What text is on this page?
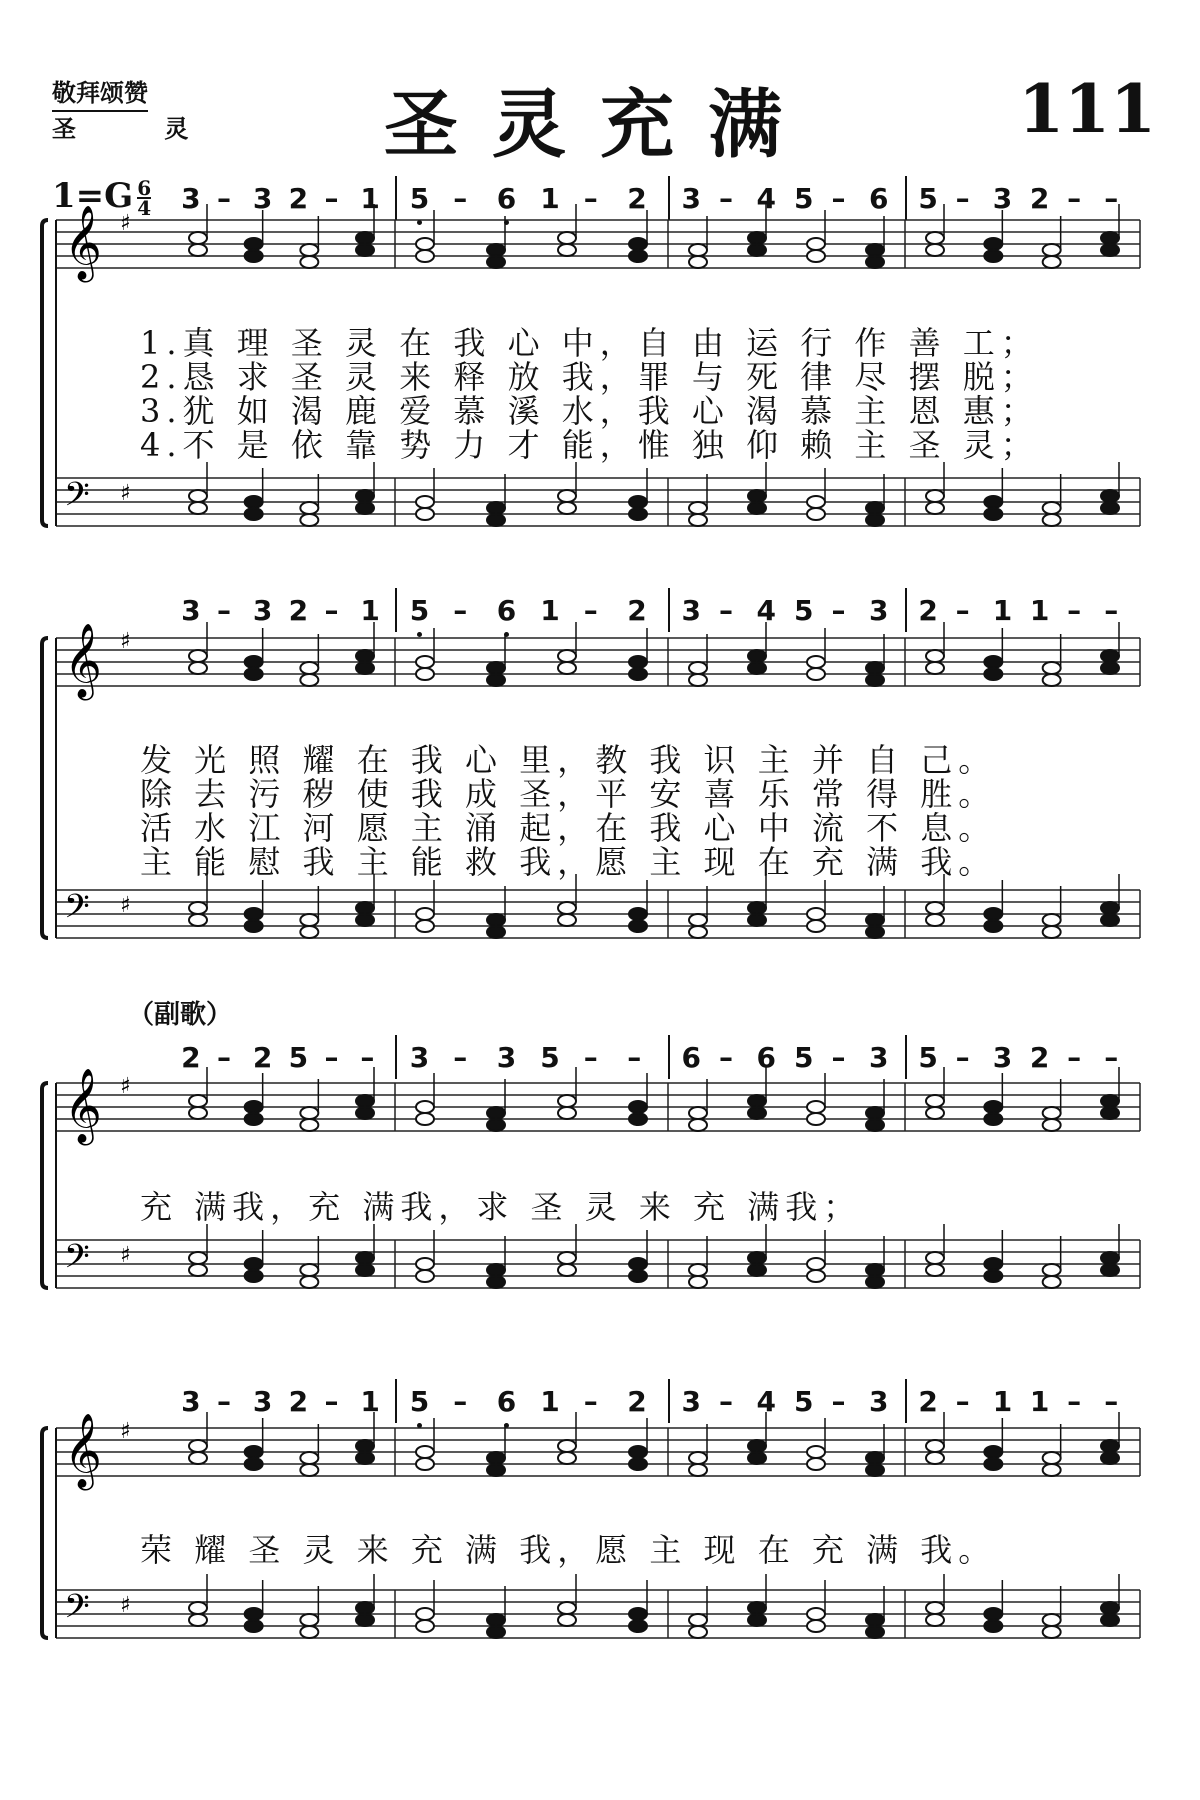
敬拜颂赞
圣 灵 圣灵充满	111
$1=G \frac{6}{4}$
（副歌）
3 – 3 2 – 1 5 – 6 1 – 2 3 – 4 5 – 6 5 – 3 2 – –
𝄞 ♯
𝄢 ♯
1.真 理 圣 灵 在 我 心 中，自 由 运 行 作 善 工；
2.恳 求 圣 灵 来 释 放 我，罪 与 死 律 尽 摆 脱；
3.犹 如 渴 鹿 爱 慕 溪 水，我 心 渴 慕 主 恩 惠；
4.不 是 依 靠 势 力 才 能，惟 独 仰 赖 主 圣 灵；
3 – 3 2 – 1 5 – 6 1 – 2 3 – 4 5 – 3 2 – 1 1 – –
𝄞 ♯
𝄢 ♯
发 光 照 耀 在 我 心 里，教 我 识 主 并 自 己。
除 去 污 秽 使 我 成 圣，平 安 喜 乐 常 得 胜。
活 水 江 河 愿 主 涌 起，在 我 心 中 流 不 息。
主 能 慰 我 主 能 救 我，愿 主 现 在 充 满 我。
2 – 2 5 – – 3 – 3 5 – – 6 – 6 5 – 3 5 – 3 2 – –
𝄞 ♯
𝄢 ♯
充 满我，充 满我，求 圣 灵 来 充 满我；
3 – 3 2 – 1 5 – 6 1 – 2 3 – 4 5 – 3 2 – 1 1 – –
𝄞 ♯
𝄢 ♯
荣 耀 圣 灵 来 充 满 我，愿 主 现 在 充 满 我。
